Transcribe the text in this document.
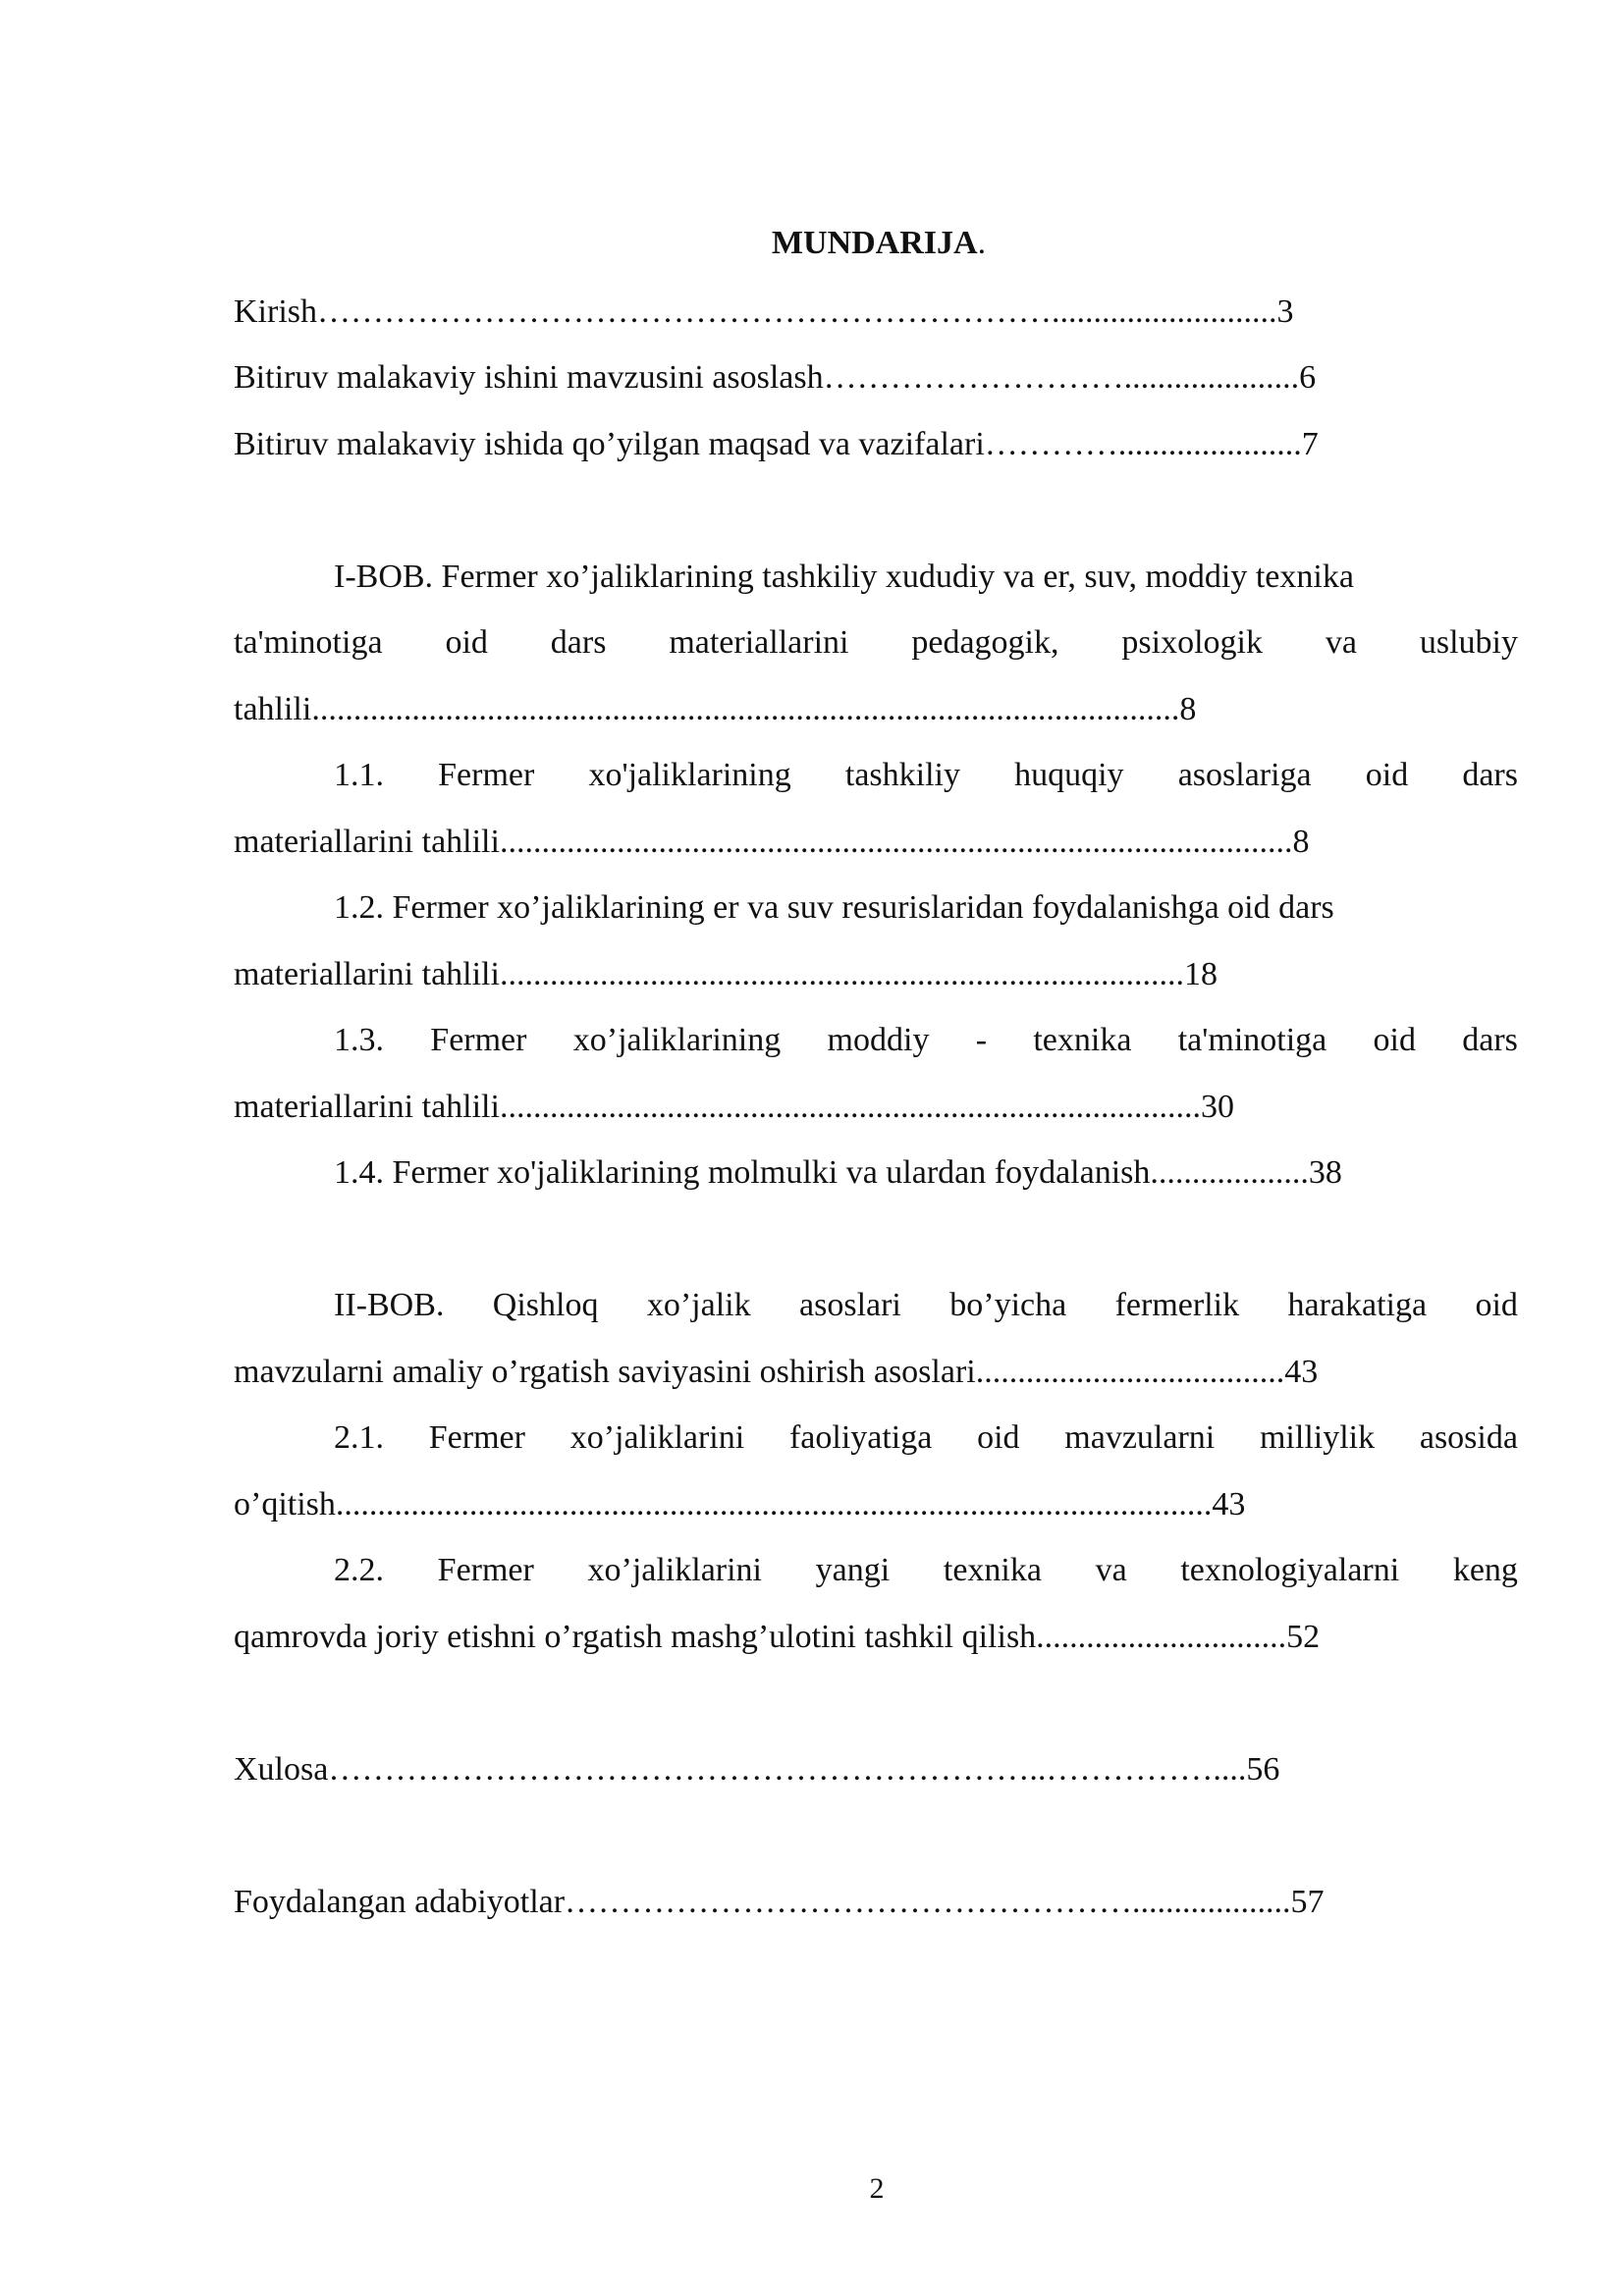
MUNDARIJA.
Kirish…………………………………………………………...........................3
Bitiruv malakaviy ishini mavzusini asoslash……………………….....................6
Bitiruv malakaviy ishida qo’yilgan maqsad va vazifalari…………......................7
I-BOB. Fermer xo’jaliklarining tashkiliy xududiy va er, suv, moddiy texnika
ta'minotiga oid dars materiallarini pedagogik, psixologik va uslubiy
tahlili........................................................................................................8
1.1. Fermer xo'jaliklarining tashkiliy huquqiy asoslariga oid dars
materiallarini tahlili...............................................................................................8
1.2. Fermer xo’jaliklarining er va suv resurislaridan foydalanishga oid dars
materiallarini tahlili..................................................................................18
1.3. Fermer xo’jaliklarining moddiy - texnika ta'minotiga oid dars
materiallarini tahlili....................................................................................30
1.4. Fermer xo'jaliklarining molmulki va ulardan foydalanish...................38
II-BOB. Qishloq xo’jalik asoslari bo’yicha fermerlik harakatiga oid
mavzularni amaliy o’rgatish saviyasini oshirish asoslari.....................................43
2.1. Fermer xo’jaliklarini faoliyatiga oid mavzularni milliylik asosida
o’qitish.........................................................................................................43
2.2. Fermer xo’jaliklarini yangi texnika va texnologiyalarni keng
qamrovda joriy etishni o’rgatish mashg’ulotini tashkil qilish..............................52
Xulosa………………………………………………………..……………....56
Foydalangan adabiyotlar……………………………………………...................57
2
